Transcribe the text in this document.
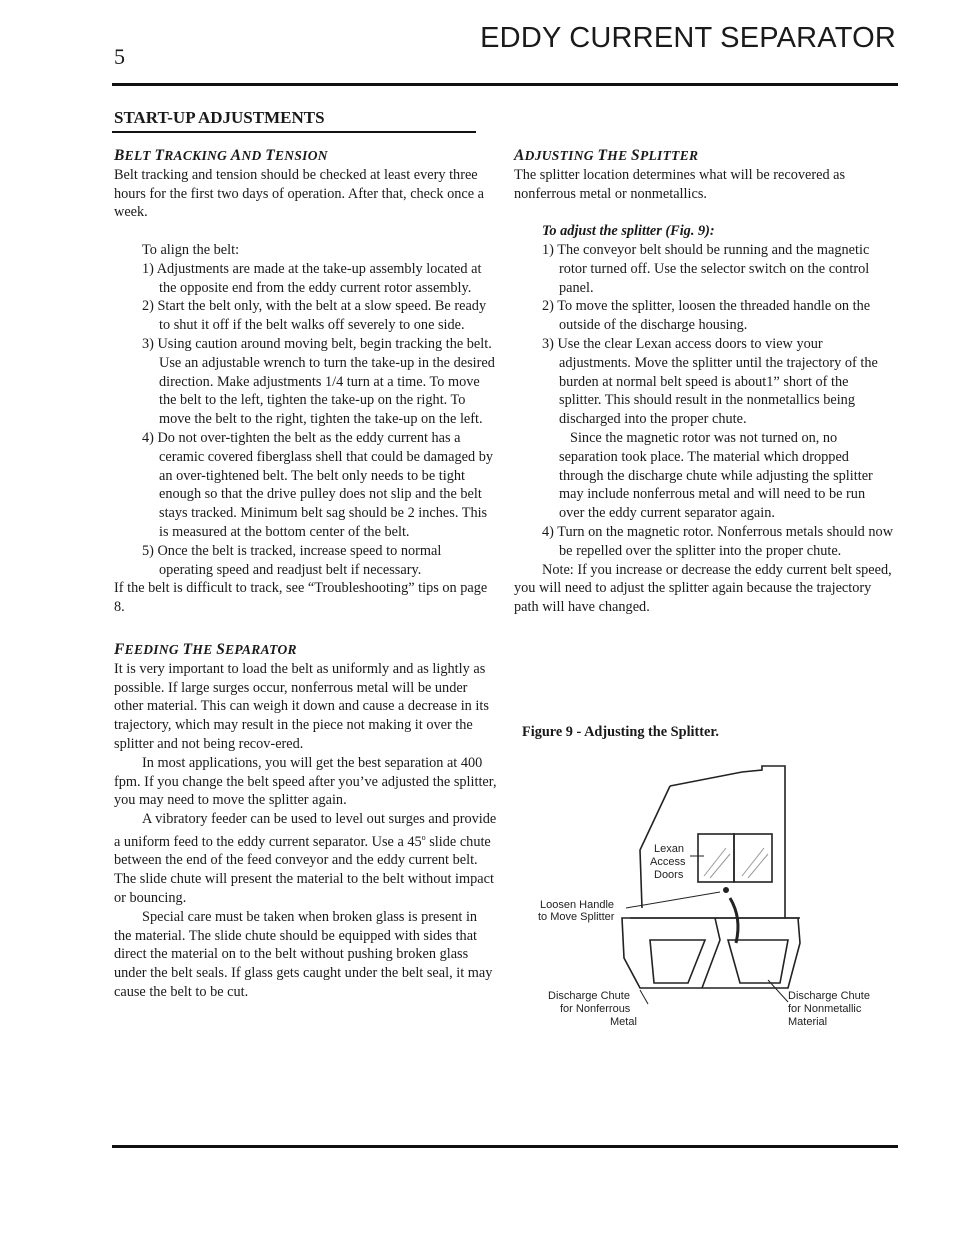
5
EDDY CURRENT SEPARATOR
START-UP ADJUSTMENTS

BELT TRACKING AND TENSION

Belt tracking and tension should be checked at least every three hours for the first two days of operation. After that, check once a week.

To align the belt:

1) Adjustments are made at the take-up assembly located at the opposite end from the eddy current rotor assembly.
2) Start the belt only, with the belt at a slow speed. Be ready to shut it off if the belt walks off severely to one side.
3) Using caution around moving belt, begin tracking the belt. Use an adjustable wrench to turn the take-up in the desired direction. Make adjustments 1/4 turn at a time. To move the belt to the left, tighten the take-up on the right. To move the belt to the right, tighten the take-up on the left.
4) Do not over-tighten the belt as the eddy current has a ceramic covered fiberglass shell that could be damaged by an over-tightened belt. The belt only needs to be tight enough so that the drive pulley does not slip and the belt stays tracked. Minimum belt sag should be 2 inches. This is measured at the bottom center of the belt.
5) Once the belt is tracked, increase speed to normal operating speed and readjust belt if necessary.

If the belt is difficult to track, see “Troubleshooting” tips on page 8.

FEEDING THE SEPARATOR

It is very important to load the belt as uniformly and as lightly as possible. If large surges occur, nonferrous metal will be under other material. This can weigh it down and cause a decrease in its trajectory, which may result in the piece not making it over the splitter and not being recov-ered.

In most applications, you will get the best separation at 400 fpm. If you change the belt speed after you’ve adjusted the splitter, you may need to move the splitter again.

A vibratory feeder can be used to level out surges and provide a uniform feed to the eddy current separator. Use a 45$^o$ slide chute between the end of the feed conveyor and the eddy current belt. The slide chute will present the material to the belt without impact or bouncing.

Special care must be taken when broken glass is present in the material. The slide chute should be equipped with sides that direct the material on to the belt without pushing broken glass under the belt seals. If glass gets caught under the belt seal, it may cause the belt to be cut.

ADJUSTING THE SPLITTER

The splitter location determines what will be recovered as nonferrous metal or nonmetallics.

To adjust the splitter (Fig. 9):

1) The conveyor belt should be running and the magnetic rotor turned off. Use the selector switch on the control panel.
2) To move the splitter, loosen the threaded handle on the outside of the discharge housing.
3) Use the clear Lexan access doors to view your adjustments. Move the splitter until the trajectory of the burden at normal belt speed is about1” short of the splitter. This should result in the nonmetallics being discharged into the proper chute.
Since the magnetic rotor was not turned on, no separation took place. The material which dropped through the discharge chute while adjusting the splitter may include nonferrous metal and will need to be run over the eddy current separator again.
4) Turn on the magnetic rotor. Nonferrous metals should now be repelled over the splitter into the proper chute.

Note: If you increase or decrease the eddy current belt speed, you will need to adjust the splitter again because the trajectory path will have changed.

Figure 9 - Adjusting the Splitter.
Lexan
Access
Doors
Loosen Handle
to Move Splitter
Discharge Chute
for Nonferrous
Metal
Discharge Chute
for Nonmetallic
Material
